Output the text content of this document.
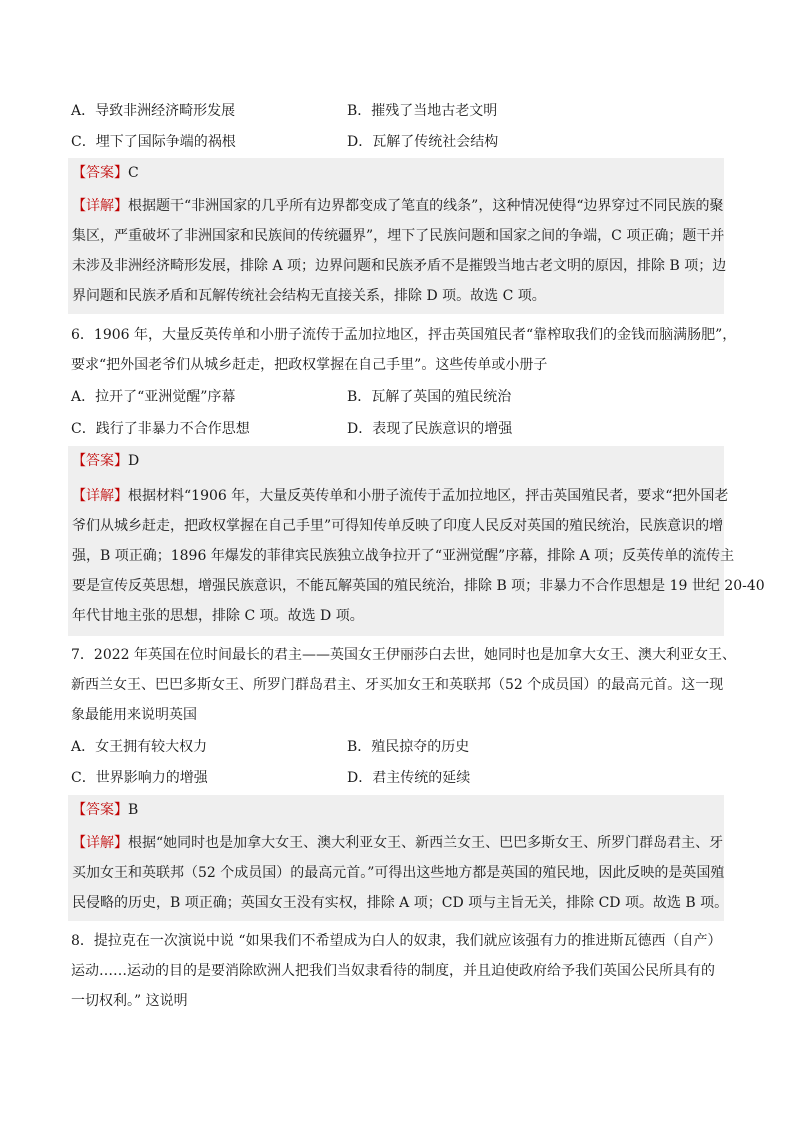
A．导致非洲经济畸形发展	B．摧残了当地古老文明
C．埋下了国际争端的祸根	D．瓦解了传统社会结构
【答案】C
【详解】根据题干“非洲国家的几乎所有边界都变成了笔直的线条”，这种情况使得“边界穿过不同民族的聚
集区，严重破坏了非洲国家和民族间的传统疆界”，埋下了民族问题和国家之间的争端，C 项正确；题干并
未涉及非洲经济畸形发展，排除 A 项；边界问题和民族矛盾不是摧毁当地古老文明的原因，排除 B 项；边
界问题和民族矛盾和瓦解传统社会结构无直接关系，排除 D 项。故选 C 项。
6．1906 年，大量反英传单和小册子流传于孟加拉地区，抨击英国殖民者“靠榨取我们的金钱而脑满肠肥”，
要求“把外国老爷们从城乡赶走，把政权掌握在自己手里”。这些传单或小册子
A．拉开了“亚洲觉醒”序幕	B．瓦解了英国的殖民统治
C．践行了非暴力不合作思想	D．表现了民族意识的增强
【答案】D
【详解】根据材料“1906 年，大量反英传单和小册子流传于孟加拉地区，抨击英国殖民者，要求“把外国老
爷们从城乡赶走，把政权掌握在自己手里”可得知传单反映了印度人民反对英国的殖民统治，民族意识的增
强，B 项正确；1896 年爆发的菲律宾民族独立战争拉开了“亚洲觉醒”序幕，排除 A 项；反英传单的流传主
要是宣传反英思想，增强民族意识，不能瓦解英国的殖民统治，排除 B 项；非暴力不合作思想是 19 世纪 20-40
年代甘地主张的思想，排除 C 项。故选 D 项。
7．2022 年英国在位时间最长的君主——英国女王伊丽莎白去世，她同时也是加拿大女王、澳大利亚女王、
新西兰女王、巴巴多斯女王、所罗门群岛君主、牙买加女王和英联邦（52 个成员国）的最高元首。这一现
象最能用来说明英国
A．女王拥有较大权力	B．殖民掠夺的历史
C．世界影响力的增强	D．君主传统的延续
【答案】B
【详解】根据“她同时也是加拿大女王、澳大利亚女王、新西兰女王、巴巴多斯女王、所罗门群岛君主、牙
买加女王和英联邦（52 个成员国）的最高元首。”可得出这些地方都是英国的殖民地，因此反映的是英国殖
民侵略的历史，B 项正确；英国女王没有实权，排除 A 项；CD 项与主旨无关，排除 CD 项。故选 B 项。
8．提拉克在一次演说中说 “如果我们不希望成为白人的奴隶，我们就应该强有力的推进斯瓦德西（自产）
运动……运动的目的是要消除欧洲人把我们当奴隶看待的制度，并且迫使政府给予我们英国公民所具有的
一切权利。” 这说明
